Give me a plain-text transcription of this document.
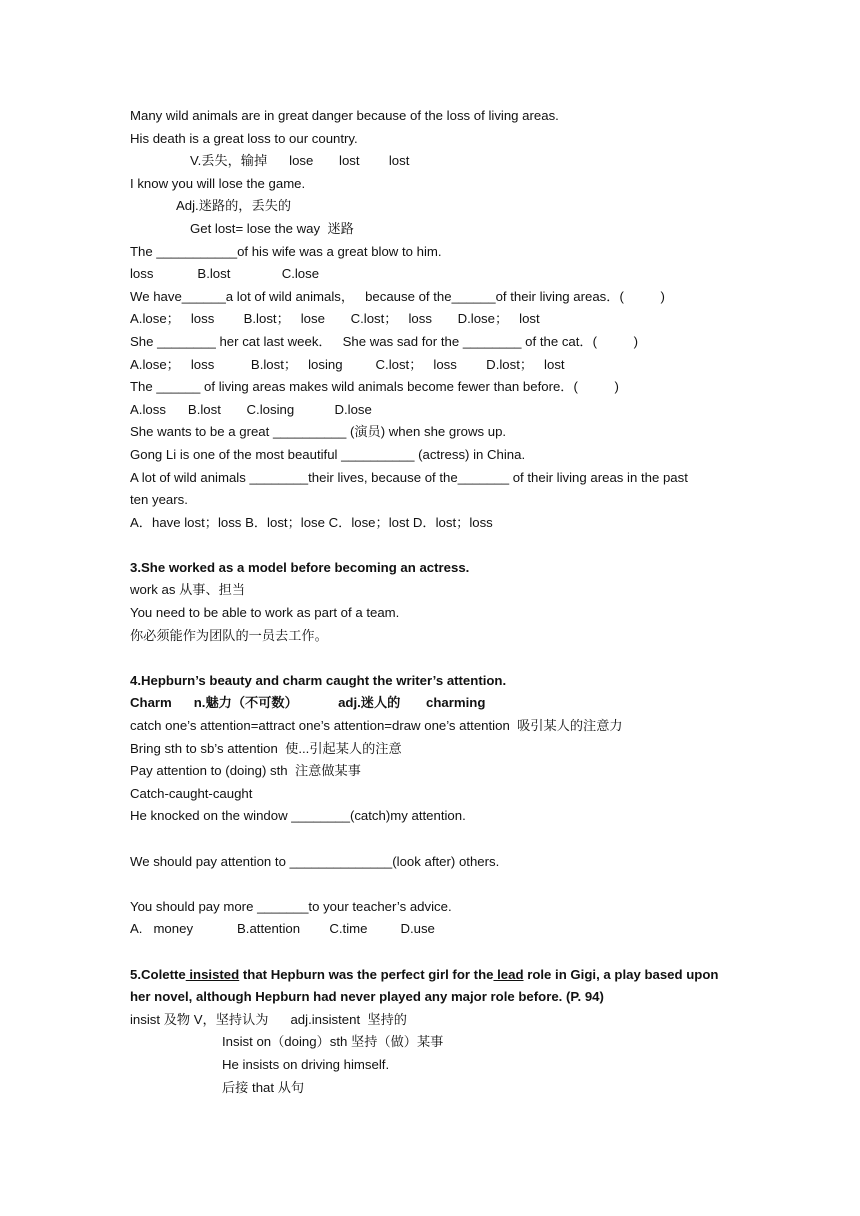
Many wild animals are in great danger because of the loss of living areas.
His death is a great loss to our country.
V.丢失，输掉      lose       lost        lost
I know you will lose the game.
Adj.迷路的，丢失的
Get lost= lose the way  迷路
The ___________of his wife was a great blow to him.
loss            B.lost              C.lose
We have______a lot of wild animals，   because of the______of their living areas．(          )
A.lose；   loss        B.lost；   lose       C.lost；   loss       D.lose；   lost
She ________ her cat last week．   She was sad for the ________ of the cat．(          )
A.lose；   loss          B.lost；   losing         C.lost；   loss        D.lost；   lost
The ______ of living areas makes wild animals become fewer than before．(          )
A.loss      B.lost       C.losing           D.lose
She wants to be a great __________ (演员) when she grows up.
Gong Li is one of the most beautiful __________ (actress) in China.
A lot of wild animals ________their lives, because of the_______ of their living areas in the past
ten years.
A．have lost；loss B．lost；lose C．lose；lost D．lost；loss
3.She worked as a model before becoming an actress.
work as 从事、担当
You need to be able to work as part of a team.
你必须能作为团队的一员去工作。
4.Hepburn’s beauty and charm caught the writer’s attention.
Charm      n.魅力（不可数）           adj.迷人的       charming
catch one’s attention=attract one’s attention=draw one’s attention  吸引某人的注意力
Bring sth to sb’s attention  使...引起某人的注意
Pay attention to (doing) sth  注意做某事
Catch-caught-caught
He knocked on the window ________(catch)my attention.
We should pay attention to ______________(look after) others.
You should pay more _______to your teacher’s advice.
A.   money            B.attention        C.time         D.use
5.Colette insisted that Hepburn was the perfect girl for the lead role in Gigi, a play based upon
her novel, although Hepburn had never played any major role before. (P. 94)
insist 及物 V，坚持认为      adj.insistent  坚持的
Insist on（doing）sth 坚持（做）某事
He insists on driving himself.
后接 that 从句
